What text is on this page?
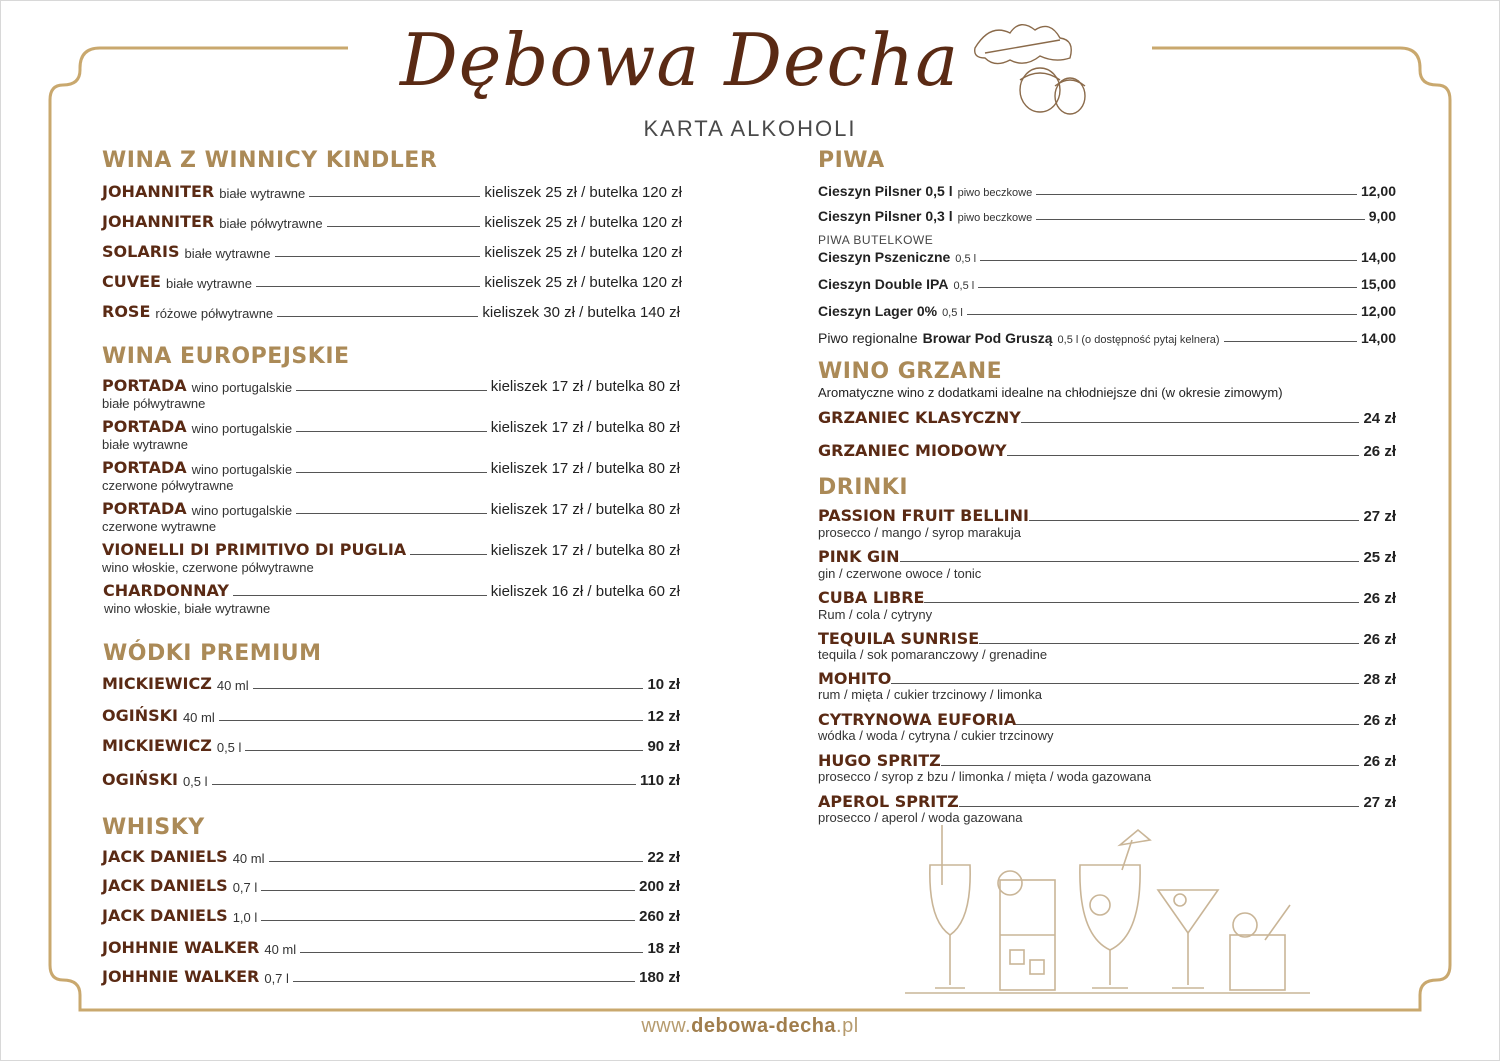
Dębowa Decha
KARTA ALKOHOLI
WINA Z WINNICY KINDLER
JOHANNITER białe wytrawne	kieliszek 25 zł / butelka 120 zł
JOHANNITER białe półwytrawne	kieliszek 25 zł / butelka 120 zł
SOLARIS białe wytrawne	kieliszek 25 zł / butelka 120 zł
CUVEE białe wytrawne	kieliszek 25 zł / butelka 120 zł
ROSE różowe półwytrawne	kieliszek 30 zł / butelka 140 zł
WINA EUROPEJSKIE
PORTADA wino portugalskie	kieliszek 17 zł / butelka 80 zł
białe półwytrawne
PORTADA wino portugalskie	kieliszek 17 zł / butelka 80 zł
białe wytrawne
PORTADA wino portugalskie	kieliszek 17 zł / butelka 80 zł
czerwone półwytrawne
PORTADA wino portugalskie	kieliszek 17 zł / butelka 80 zł
czerwone wytrawne
VIONELLI DI PRIMITIVO DI PUGLIA	kieliszek 17 zł / butelka 80 zł
wino włoskie, czerwone półwytrawne
CHARDONNAY	kieliszek 16 zł / butelka 60 zł
wino włoskie, białe wytrawne
WÓDKI PREMIUM
MICKIEWICZ 40 ml	10 zł
OGIŃSKI 40 ml	12 zł
MICKIEWICZ 0,5 l	90 zł
OGIŃSKI 0,5 l	110 zł
WHISKY
JACK DANIELS 40 ml	22 zł
JACK DANIELS 0,7 l	200 zł
JACK DANIELS 1,0 l	260 zł
JOHHNIE WALKER 40 ml	18 zł
JOHHNIE WALKER 0,7 l	180 zł
PIWA
Cieszyn Pilsner 0,5 l piwo beczkowe	12,00
Cieszyn Pilsner 0,3 l piwo beczkowe	9,00
PIWA BUTELKOWE
Cieszyn Pszeniczne 0,5 l	14,00
Cieszyn Double IPA 0,5 l	15,00
Cieszyn Lager 0% 0,5 l	12,00
Piwo regionalne Browar Pod Gruszą 0,5 l (o dostępność pytaj kelnera)	14,00
WINO GRZANE
Aromatyczne wino z dodatkami idealne na chłodniejsze dni (w okresie zimowym)
GRZANIEC KLASYCZNY	24 zł
GRZANIEC MIODOWY	26 zł
DRINKI
PASSION FRUIT BELLINI	27 zł
prosecco / mango / syrop marakuja
PINK GIN	25 zł
gin / czerwone owoce / tonic
CUBA LIBRE	26 zł
Rum / cola / cytryny
TEQUILA SUNRISE	26 zł
tequila / sok pomaranczowy / grenadine
MOHITO	28 zł
rum / mięta / cukier trzcinowy / limonka
CYTRYNOWA EUFORIA	26 zł
wódka / woda / cytryna / cukier trzcinowy
HUGO SPRITZ	26 zł
prosecco / syrop z bzu / limonka / mięta / woda gazowana
APEROL SPRITZ	27 zł
prosecco / aperol / woda gazowana
www.debowa-decha.pl
